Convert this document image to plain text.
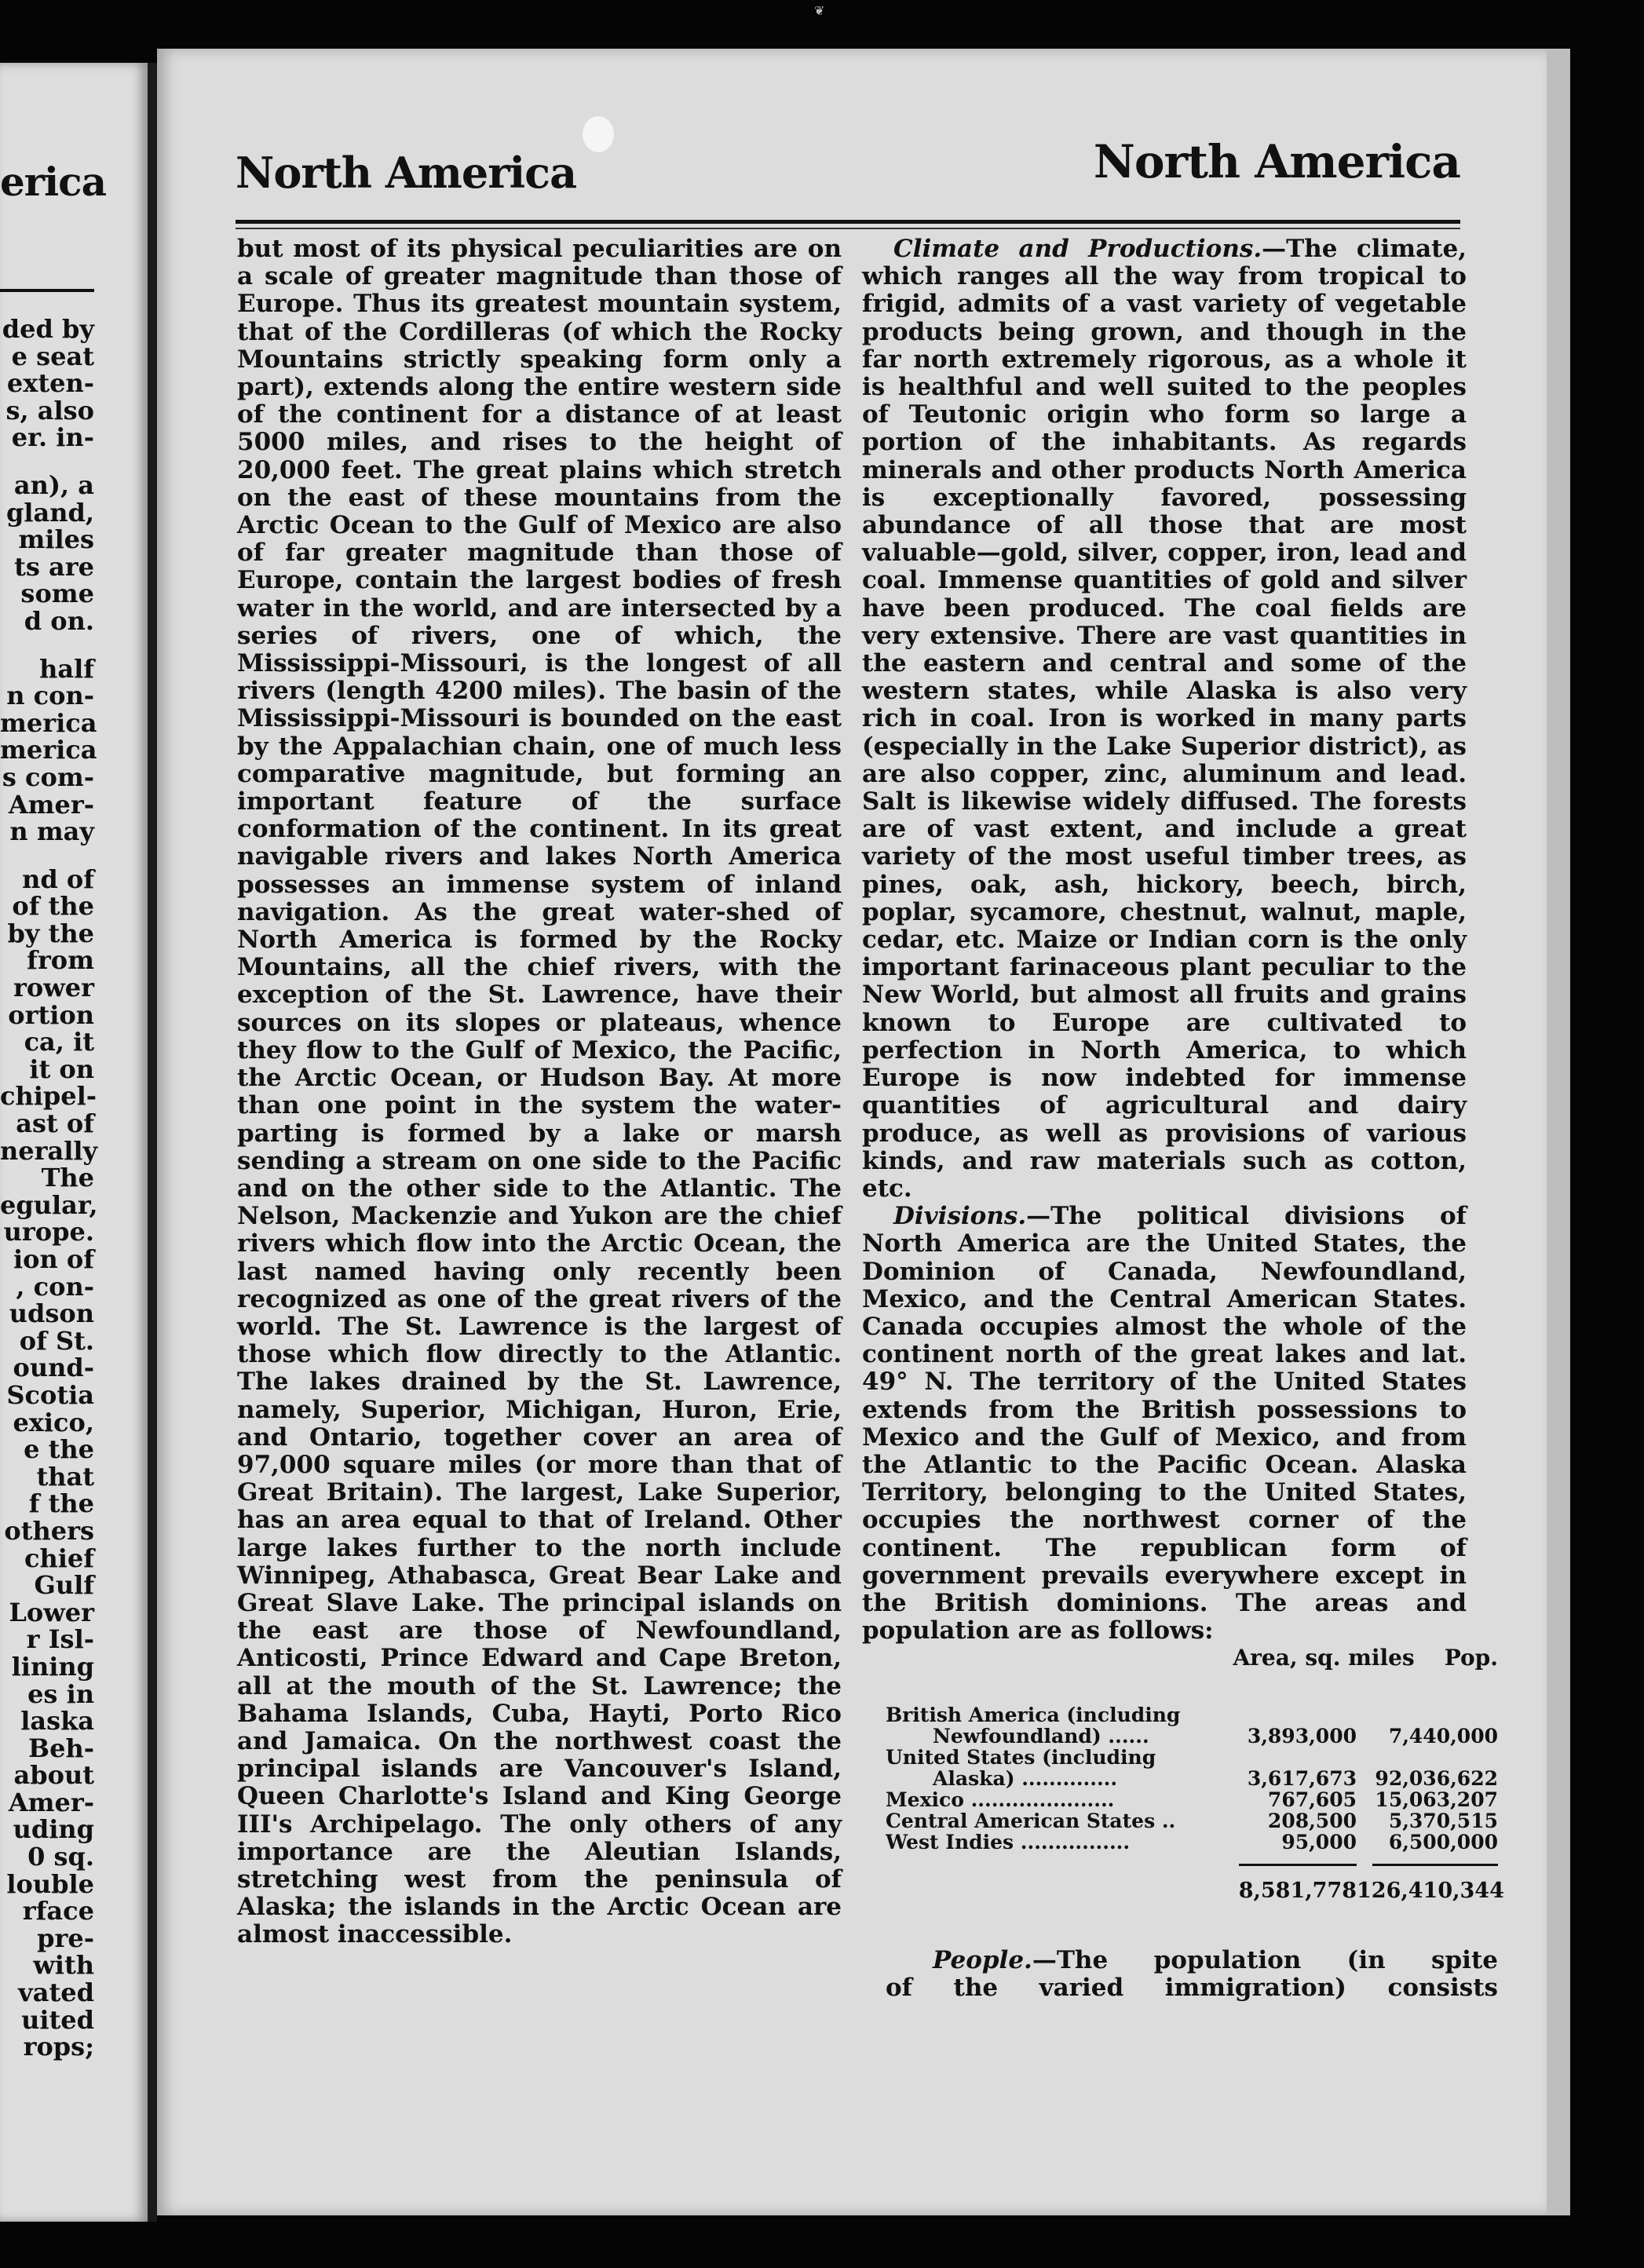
❦
erica
ded by
e seat
exten-
s, also
er. in-
an), a
gland,
miles
ts are
some
d on.
half
n con-
merica
merica
s com-
Amer-
n may
nd of
of the
by the
from
rower
ortion
ca, it
it on
chipel-
ast of
nerally
The
egular,
urope.
ion of
, con-
udson
of St.
ound-
Scotia
exico,
e the
that
f the
others
chief
Gulf
Lower
r Isl-
lining
es in
laska
Beh-
about
Amer-
uding
0 sq.
louble
rface
pre-
with
vated
uited
rops;
North America	North America

but most of its physical peculiarities are on a scale of greater magnitude than those of Europe. Thus its greatest mountain system, that of the Cordilleras (of which the Rocky Mountains strictly speaking form only a part), extends along the entire western side of the continent for a distance of at least 5000 miles, and rises to the height of 20,000 feet. The great plains which stretch on the east of these mountains from the Arctic Ocean to the Gulf of Mexico are also of far greater magnitude than those of Europe, contain the largest bodies of fresh water in the world, and are intersected by a series of rivers, one of which, the Mississippi-Missouri, is the longest of all rivers (length 4200 miles). The basin of the Mississippi-Missouri is bounded on the east by the Appalachian chain, one of much less comparative magnitude, but forming an important feature of the surface conformation of the continent. In its great navigable rivers and lakes North America possesses an immense system of inland navigation. As the great water-shed of North America is formed by the Rocky Mountains, all the chief rivers, with the exception of the St. Lawrence, have their sources on its slopes or plateaus, whence they flow to the Gulf of Mexico, the Pacific, the Arctic Ocean, or Hudson Bay. At more than one point in the system the water-parting is formed by a lake or marsh sending a stream on one side to the Pacific and on the other side to the Atlantic. The Nelson, Mackenzie and Yukon are the chief rivers which flow into the Arctic Ocean, the last named having only recently been recognized as one of the great rivers of the world. The St. Lawrence is the largest of those which flow directly to the Atlantic. The lakes drained by the St. Lawrence, namely, Superior, Michigan, Huron, Erie, and Ontario, together cover an area of 97,000 square miles (or more than that of Great Britain). The largest, Lake Superior, has an area equal to that of Ireland. Other large lakes further to the north include Winnipeg, Athabasca, Great Bear Lake and Great Slave Lake. The principal islands on the east are those of Newfoundland, Anticosti, Prince Edward and Cape Breton, all at the mouth of the St. Lawrence; the Bahama Islands, Cuba, Hayti, Porto Rico and Jamaica. On the northwest coast the principal islands are Vancouver's Island, Queen Charlotte's Island and King George III's Archipelago. The only others of any importance are the Aleutian Islands, stretching west from the peninsula of Alaska; the islands in the Arctic Ocean are almost inaccessible.

Climate and Productions.—The climate, which ranges all the way from tropical to frigid, admits of a vast variety of vegetable products being grown, and though in the far north extremely rigorous, as a whole it is healthful and well suited to the peoples of Teutonic origin who form so large a portion of the inhabitants. As regards minerals and other products North America is exceptionally favored, possessing abundance of all those that are most valuable—gold, silver, copper, iron, lead and coal. Immense quantities of gold and silver have been produced. The coal fields are very extensive. There are vast quantities in the eastern and central and some of the western states, while Alaska is also very rich in coal. Iron is worked in many parts (especially in the Lake Superior district), as are also copper, zinc, aluminum and lead. Salt is likewise widely diffused. The forests are of vast extent, and include a great variety of the most useful timber trees, as pines, oak, ash, hickory, beech, birch, poplar, sycamore, chestnut, walnut, maple, cedar, etc. Maize or Indian corn is the only important farinaceous plant peculiar to the New World, but almost all fruits and grains known to Europe are cultivated to perfection in North America, to which Europe is now indebted for immense quantities of agricultural and dairy produce, as well as provisions of various kinds, and raw materials such as cotton, etc.

Divisions.—The political divisions of North America are the United States, the Dominion of Canada, Newfoundland, Mexico, and the Central American States. Canada occupies almost the whole of the continent north of the great lakes and lat. 49° N. The territory of the United States extends from the British possessions to Mexico and the Gulf of Mexico, and from the Atlantic to the Pacific Ocean. Alaska Territory, belonging to the United States, occupies the northwest corner of the continent. The republican form of government prevails everywhere except in the British dominions. The areas and population are as follows:

Area, sq. miles Pop.
British America (including
Newfoundland) ......	3,893,000	7,440,000
United States (including
Alaska) ..............	3,617,673 92,036,622
Mexico .....................	767,605 15,063,207
Central American States ..	208,500	5,370,515
West Indies ................	95,000	6,500,000
8,581,778 126,410,344

People.—The population (in spite

of the varied immigration) consists
